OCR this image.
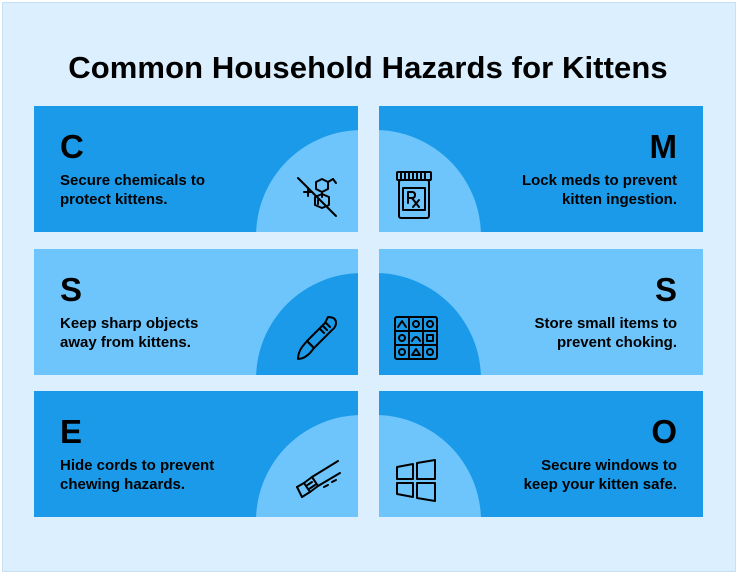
Common Household Hazards for Kittens
C
Secure chemicals to
protect kittens.
M
Lock meds to prevent
kitten ingestion.
S
Keep sharp objects
away from kittens.
S
Store small items to
prevent choking.
E
Hide cords to prevent
chewing hazards.
O
Secure windows to
keep your kitten safe.
